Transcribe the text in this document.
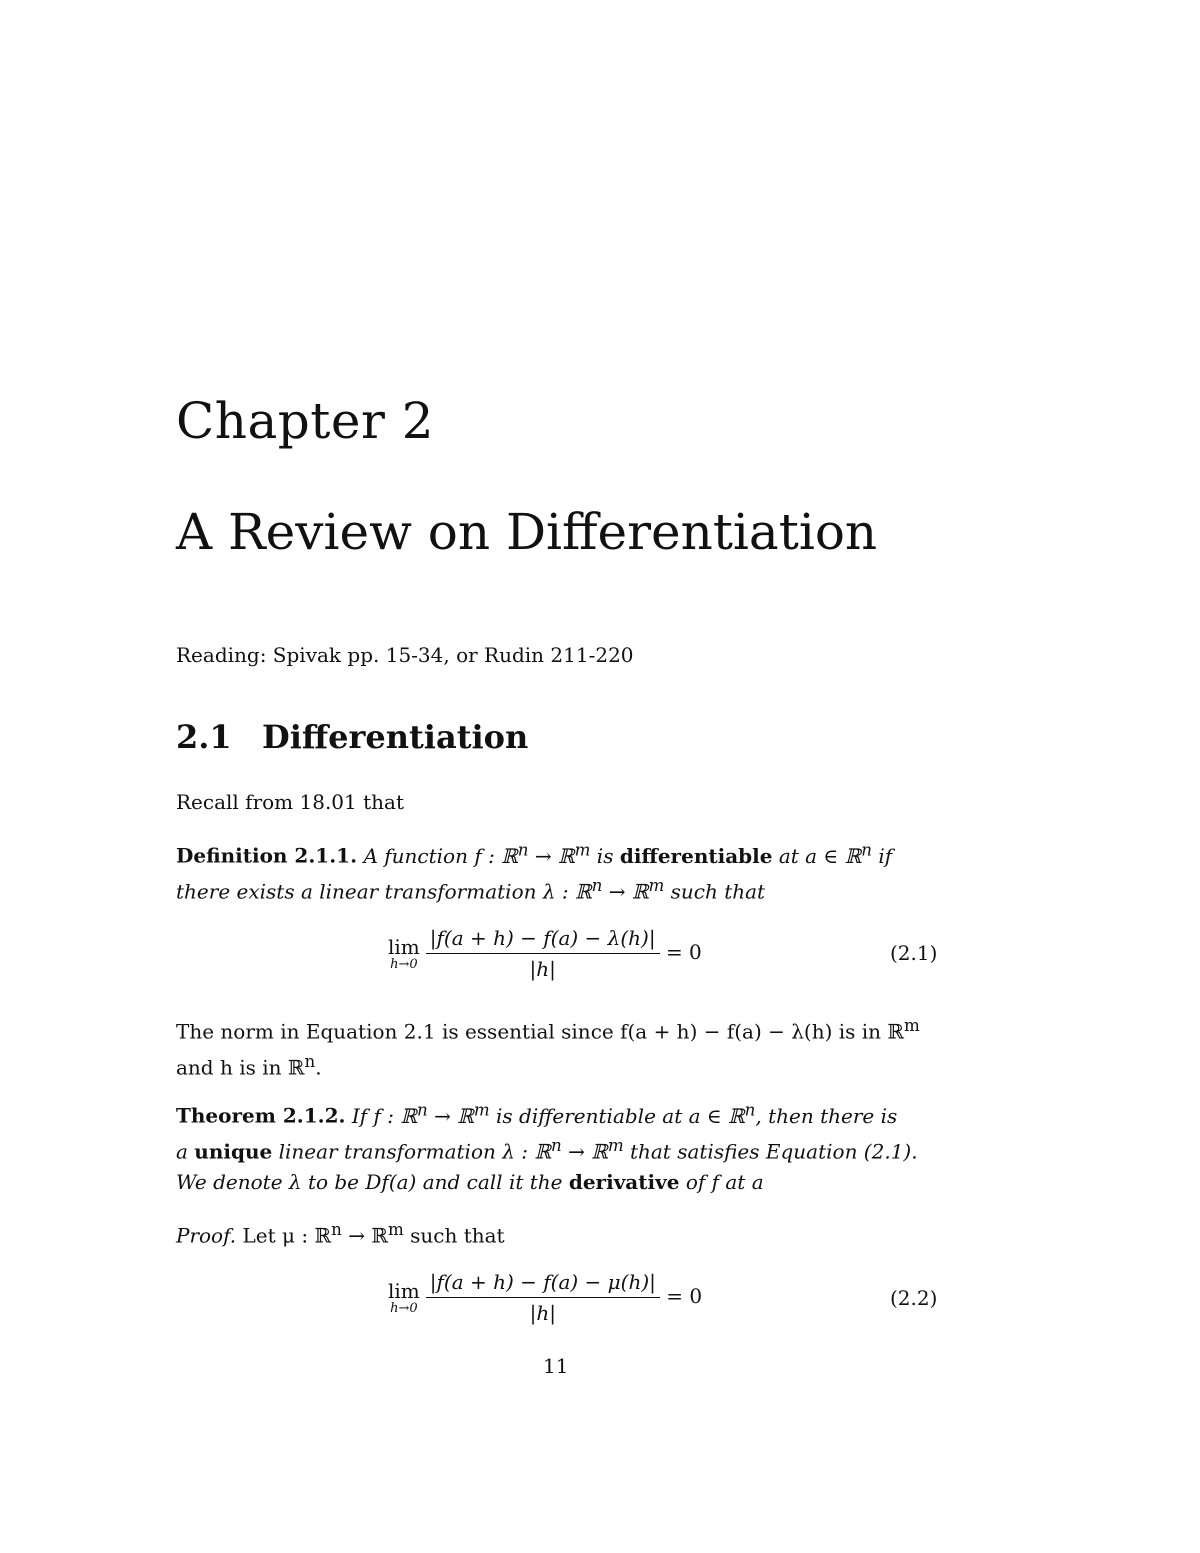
Chapter 2
A Review on Differentiation
Reading: Spivak pp. 15-34, or Rudin 211-220
2.1 Differentiation
Recall from 18.01 that
Definition 2.1.1. A function f : ℝ$^n$ → ℝ$^m$ is differentiable at a ∈ ℝ$^n$ if
there exists a linear transformation λ : ℝ$^n$ → ℝ$^m$ such that
lim
$h\to 0 \frac{|f(a + h) - f(a) - \lambda(h)|}{|h|} = 0$	(2.1)
The norm in Equation 2.1 is essential since f(a + h) − f(a) − λ(h) is in ℝ$^m$
and h is in ℝ$^n$.
Theorem 2.1.2. If f : ℝ$^n$ → ℝ$^m$ is differentiable at a ∈ ℝ$^n$, then there is
a unique linear transformation λ : ℝ$^n$ → ℝ$^m$ that satisfies Equation (2.1).
We denote λ to be Df(a) and call it the derivative of f at a
Proof. Let μ : ℝ$^n$ → ℝ$^m$ such that
lim
$h\to 0 \frac{|f(a + h) - f(a) - \mu(h)|}{|h|} = 0$	(2.2)
11
